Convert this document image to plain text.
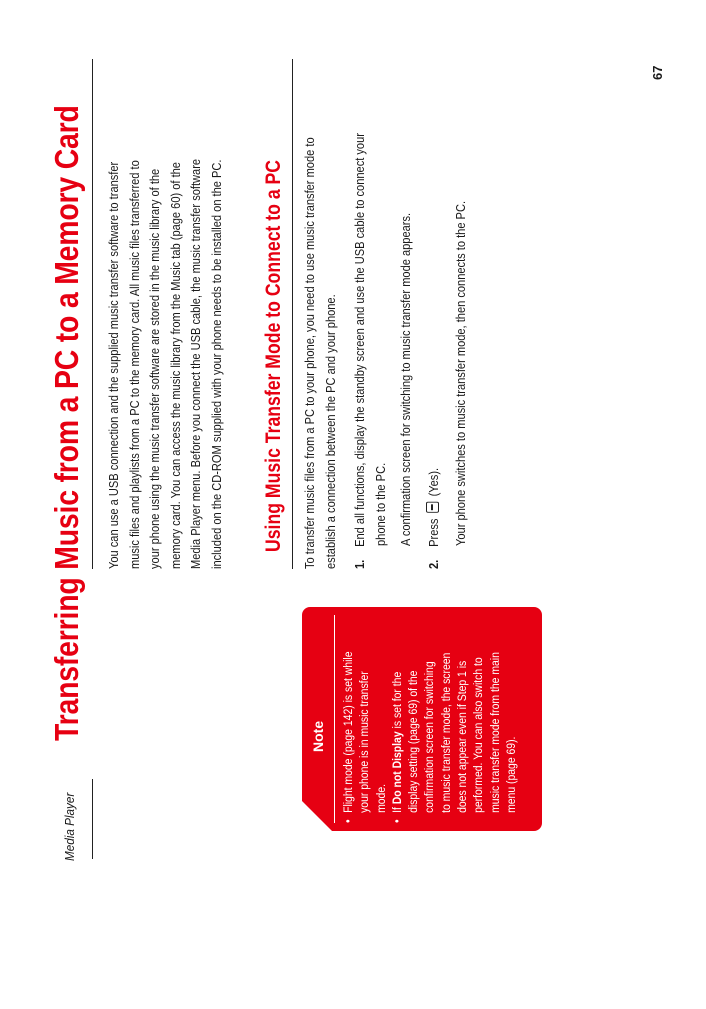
Transferring Music from a PC to a Memory Card You can use a USB connection and the supplied music transfer software to transfer music files and playlists from a PC to the memory card. All music files transferred to your phone using the music transfer software are stored in the music library of the memory card. You can access the music library from the Music tab (page 60) of the Media Player menu. Before you connect the USB cable, the music transfer software included on the CD-ROM supplied with your phone needs to be installed on the PC. Using Music Transfer Mode to Connect to a PC To transfer music files from a PC to your phone, you need to use music transfer mode to establish a connection between the PC and your phone. 1.  End all functions, display the standby screen and use the USB cable to connect your phone to the PC. A confirmation screen for switching to music transfer mode appears.
2.  Press  (Yes). Your phone switches to music transfer mode, then connects to the PC.
Note
•Flight mode (page 142) is set while your phone is in music transfer mode.
•If Do not Display is set for the display setting (page 69) of the confirmation screen for switching to music transfer mode, the screen does not appear even if Step 1 is performed. You can also switch to music transfer mode from the main menu (page 69).
Media Player
67
